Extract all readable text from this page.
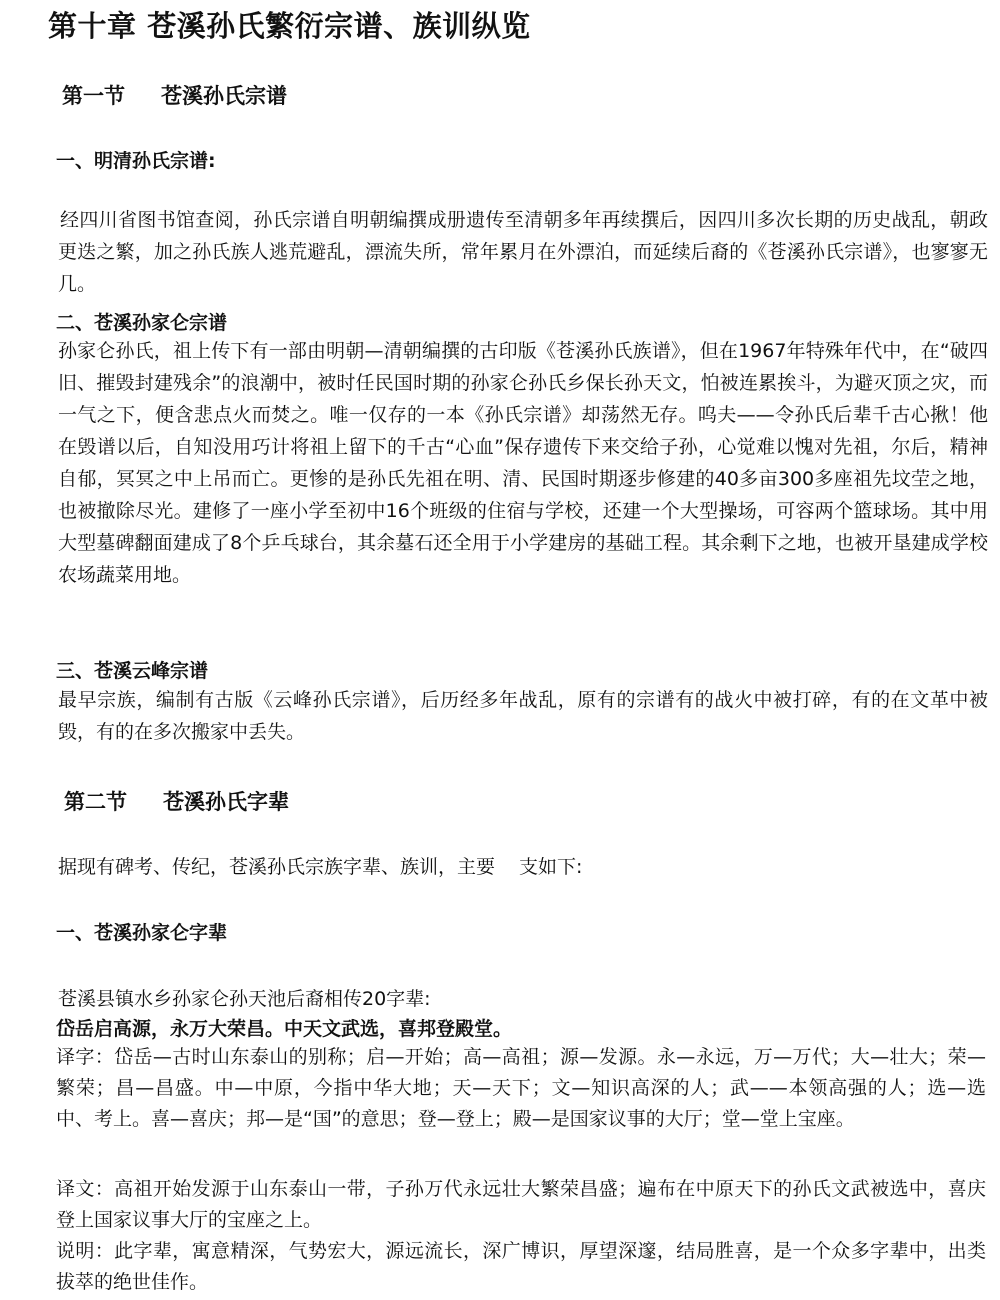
第十章 苍溪孙氏繁衍宗谱、族训纵览
第一节 苍溪孙氏宗谱
一、明清孙氏宗谱:
经四川省图书馆查阅，孙氏宗谱自明朝编撰成册遗传至清朝多年再续撰后，因四川多次长期的历史战乱，朝政更迭之繁，加之孙氏族人逃荒避乱，漂流失所，常年累月在外漂泊，而延续后裔的《苍溪孙氏宗谱》，也寥寥无几。
二、苍溪孙家仑宗谱
孙家仑孙氏，祖上传下有一部由明朝—清朝编撰的古印版《苍溪孙氏族谱》，但在1967年特殊年代中，在“破四旧、摧毁封建残余”的浪潮中，被时任民国时期的孙家仑孙氏乡保长孙天文，怕被连累挨斗，为避灭顶之灾，而一气之下，便含悲点火而焚之。唯一仅存的一本《孙氏宗谱》却荡然无存。呜夫——令孙氏后辈千古心揪！他在毁谱以后，自知没用巧计将祖上留下的千古“心血”保存遗传下来交给子孙，心觉难以愧对先祖，尔后，精神自郁，冥冥之中上吊而亡。更惨的是孙氏先祖在明、清、民国时期逐步修建的40多亩300多座祖先坟茔之地，也被撤除尽光。建修了一座小学至初中16个班级的住宿与学校，还建一个大型操场，可容两个篮球场。其中用大型墓碑翻面建成了8个乒乓球台，其余墓石还全用于小学建房的基础工程。其余剩下之地，也被开垦建成学校农场蔬菜用地。
三、苍溪云峰宗谱
最早宗族，编制有古版《云峰孙氏宗谱》，后历经多年战乱，原有的宗谱有的战火中被打碎，有的在文革中被毁，有的在多次搬家中丢失。
第二节 苍溪孙氏字辈
据现有碑考、传纪，苍溪孙氏宗族字辈、族训，主要 支如下:
一、苍溪孙家仑字辈
苍溪县镇水乡孙家仑孙天池后裔相传20字辈:
岱岳启高源，永万大荣昌。中天文武选，喜邦登殿堂。
译字：岱岳—古时山东泰山的别称；启—开始；高—高祖；源—发源。永—永远，万—万代；大—壮大；荣—繁荣；昌—昌盛。中—中原，今指中华大地；天—天下；文—知识高深的人；武——本领高强的人；选—选中、考上。喜—喜庆；邦—是“国”的意思；登—登上；殿—是国家议事的大厅；堂—堂上宝座。
译文：高祖开始发源于山东泰山一带，子孙万代永远壮大繁荣昌盛；遍布在中原天下的孙氏文武被选中，喜庆登上国家议事大厅的宝座之上。
说明：此字辈，寓意精深，气势宏大，源远流长，深广博识，厚望深邃，结局胜喜，是一个众多字辈中，出类拔萃的绝世佳作。
